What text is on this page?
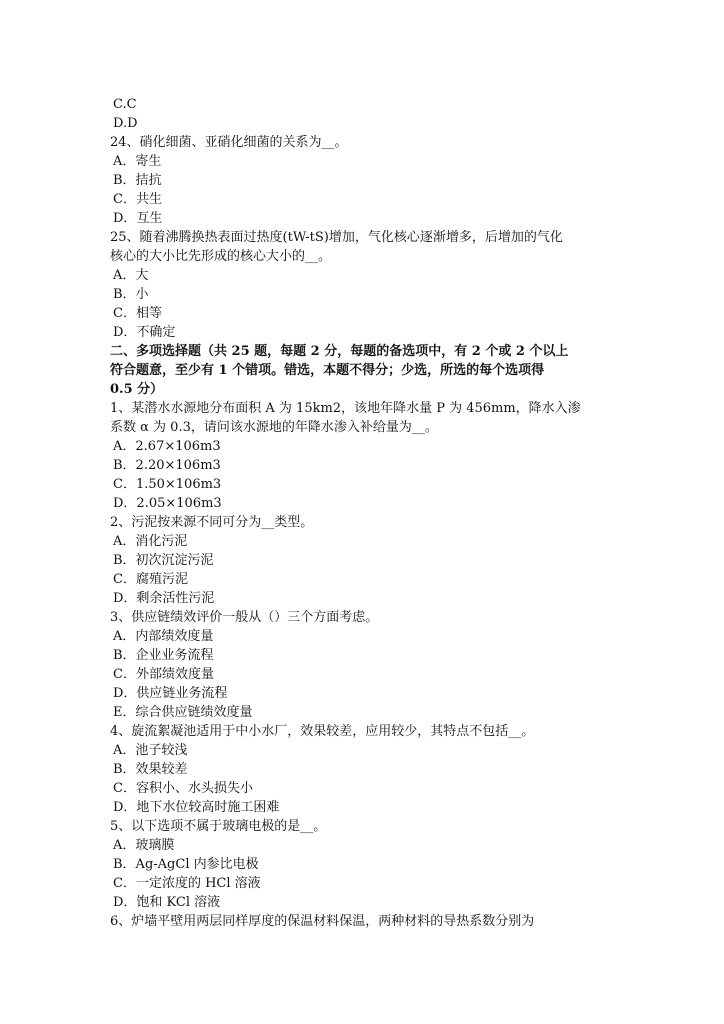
C.C
D.D
24、硝化细菌、亚硝化细菌的关系为__。
A．寄生
B．拮抗
C．共生
D．互生
25、随着沸腾换热表面过热度(tW-tS)增加，气化核心逐渐增多，后增加的气化
核心的大小比先形成的核心大小的__。
A．大
B．小
C．相等
D．不确定
二、多项选择题（共 25 题，每题 2 分，每题的备选项中，有 2 个或 2 个以上
符合题意，至少有 1 个错项。错选，本题不得分；少选，所选的每个选项得
0.5 分）
1、某潜水水源地分布面积 A 为 15km2，该地年降水量 P 为 456mm，降水入渗
系数 α 为 0.3，请问该水源地的年降水渗入补给量为__。
A．2.67×106m3
B．2.20×106m3
C．1.50×106m3
D．2.05×106m3
2、污泥按来源不同可分为__类型。
A．消化污泥
B．初次沉淀污泥
C．腐殖污泥
D．剩余活性污泥
3、供应链绩效评价一般从（）三个方面考虑。
A．内部绩效度量
B．企业业务流程
C．外部绩效度量
D．供应链业务流程
E．综合供应链绩效度量
4、旋流絮凝池适用于中小水厂，效果较差，应用较少，其特点不包括__。
A．池子较浅
B．效果较差
C．容积小、水头损失小
D．地下水位较高时施工困难
5、以下选项不属于玻璃电极的是__。
A．玻璃膜
B．Ag-AgCl 内参比电极
C．一定浓度的 HCl 溶液
D．饱和 KCl 溶液
6、炉墙平壁用两层同样厚度的保温材料保温，两种材料的导热系数分别为
